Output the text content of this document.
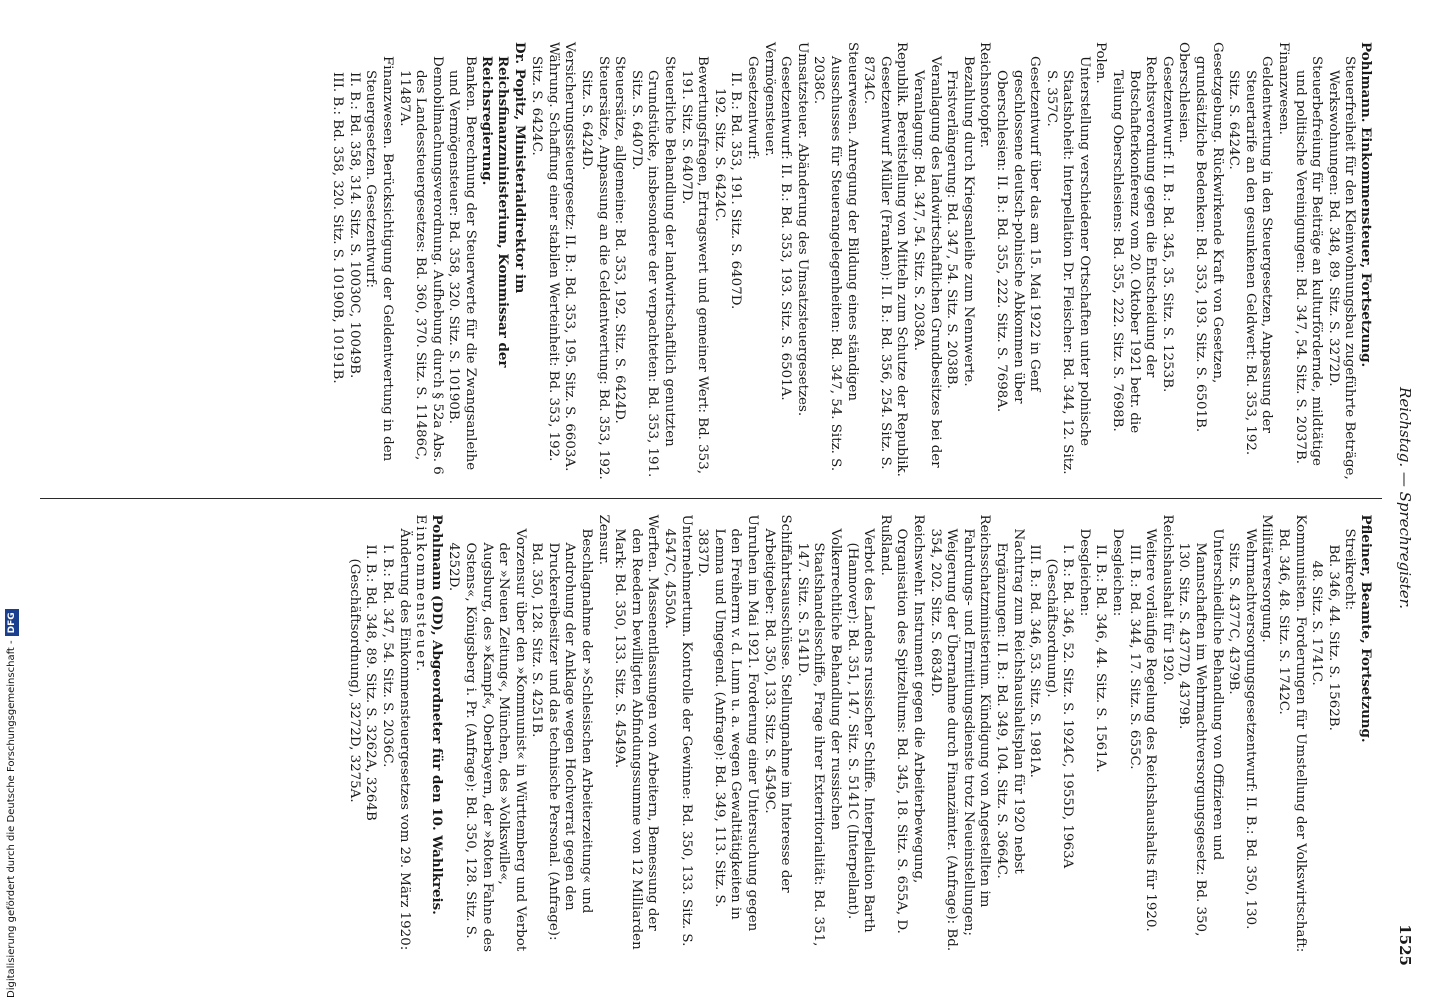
Reichstag. — Sprechregister.
1525
Pohlmann. Einkommensteuer, Fortsetzung.
Steuerfreiheit für den Kleinwohnungsbau zugeführte Beträge, Werkswohnungen: Bd. 348, 89. Sitz. S. 3272D.
Steuerbefreiung für Beiträge an kulturfördernde, mildtätige und politische Vereinigungen: Bd. 347, 54. Sitz. S. 2037B.
Finanzwesen.
Geldentwertung in den Steuergesetzen, Anpassung der Steuertarife an den gesunkenen Geldwert: Bd. 353, 192. Sitz. S. 6424C.
Gesetzgebung. Rückwirkende Kraft von Gesetzen, grundsätzliche Bedenken: Bd. 353, 193. Sitz. S. 6501B.
Oberschlesien.
Gesetzentwurf: II. B.: Bd. 345, 35. Sitz. S. 1253B.
Rechtsverordnung gegen die Entscheidung der Botschafterkonferenz vom 20. Oktober 1921 betr. die Teilung Oberschlesiens: Bd. 355, 222. Sitz. S. 7698B.
Polen.
Unterstellung verschiedener Ortschaften unter polnische Staatshoheit: Interpellation Dr. Fleischer: Bd. 344, 12. Sitz. S. 357C.
Gesetzentwurf über das am 15. Mai 1922 in Genf geschlossene deutsch-polnische Abkommen über Oberschlesien: II. B.: Bd. 355, 222. Sitz. S. 7698A.
Reichsnotopfer.
Bezahlung durch Kriegsanleihe zum Nennwerte. Fristverlängerung: Bd. 347, 54. Sitz. S. 2038B.
Veranlagung des landwirtschaftlichen Grundbesitzes bei der Veranlagung: Bd. 347, 54. Sitz. S. 2038A.
Republik. Bereitstellung von Mitteln zum Schutze der Republik. Gesetzentwurf Müller (Franken): II. B.: Bd. 356, 254. Sitz. S. 8734C.
Steuerwesen. Anregung der Bildung eines ständigen Ausschusses für Steuerangelegenheiten: Bd. 347, 54. Sitz. S. 2038C.
Umsatzsteuer. Abänderung des Umsatzsteuergesetzes. Gesetzentwurf: II. B.: Bd. 353, 193. Sitz. S. 6501A.
Vermögensteuer.
Gesetzentwurf:
II. B.: Bd. 353, 191. Sitz. S. 6407D.
192. Sitz. S. 6424C.
Bewertungsfragen, Ertragswert und gemeiner Wert: Bd. 353, 191. Sitz. S. 6407D.
Steuerliche Behandlung der landwirtschaftlich genutzten Grundstücke, insbesondere der verpachteten: Bd. 353, 191. Sitz. S. 6407D.
Steuersätze, allgemeine: Bd. 353, 192. Sitz. S. 6424D.
Steuersätze, Anpassung an die Geldentwertung: Bd. 353, 192. Sitz. S. 6424D.
Versicherungssteuergesetz: II. B.: Bd. 353, 195. Sitz. S. 6603A.
Währung. Schaffung einer stabilen Werteinheit: Bd. 353, 192. Sitz. S. 6424C.
Dr. Popitz, Ministerialdirektor im Reichsfinanzministerium, Kommissar der Reichsregierung.
Banken. Berechnung der Steuerwerte für die Zwangsanleihe und Vermögensteuer: Bd. 358, 320. Sitz. S. 10190B.
Demobilmachungsverordnung. Aufhebung durch § 52a Abs. 6 des Landessteuergesetzes: Bd. 360, 370. Sitz. S. 11486C, 11487A.
Finanzwesen. Berücksichtigung der Geldentwertung in den Steuergesetzen. Gesetzentwurf:
II. B.: Bd. 358, 314. Sitz. S. 10030C, 10049B.
III. B.: Bd. 358, 320. Sitz. S. 10190B, 10191B.
Pfleiner, Beamte, Fortsetzung.
Streikrecht:
Bd. 346, 44. Sitz. S. 1562B.
48. Sitz. S. 1741C.
Kommunisten. Forderungen für Umstellung der Volkswirtschaft: Bd. 346, 48. Sitz. S. 1742C.
Militärversorgung.
Wehrmachtversorgungsgesetzentwurf: II. B.: Bd. 350, 130. Sitz. S. 4377C, 4379B.
Unterschiedliche Behandlung von Offizieren und Mannschaften im Wehrmachtversorgungsgesetz: Bd. 350, 130. Sitz. S. 4377D, 4379B.
Reichshaushalt für 1920.
Weitere vorläufige Regelung des Reichshaushalts für 1920.
III. B.: Bd. 344, 17. Sitz. S. 655C.
Desgleichen:
II. B.: Bd. 346, 44. Sitz. S. 1561A.
Desgleichen:
I. B.: Bd. 346, 52. Sitz. S. 1924C, 1955D, 1963A (Geschäftsordnung).
III. B.: Bd. 346, 53. Sitz. S. 1981A.
Nachtrag zum Reichshaushaltsplan für 1920 nebst Ergänzungen: II. B.: Bd. 349, 104. Sitz. S. 3664C.
Reichsschatzministerium. Kündigung von Angestellten im Fahrdungs- und Ermittlungsdienste trotz Neueinstellungen; Weigerung der Übernahme durch Finanzämter. (Anfrage): Bd. 354, 202. Sitz. S. 6834D.
Reichswehr. Instrument gegen die Arbeiterbewegung, Organisation des Spitzeltums: Bd. 345, 18. Sitz. S. 655A, D.
Rußland.
Verbot des Landens russischer Schiffe. Interpellation Barth (Hannover): Bd. 351, 147. Sitz. S. 5141C (Interpellant).
Volkerrechtliche Behandlung der russischen Staatshandelsschiffe, Frage ihrer Exterritorialität: Bd. 351, 147. Sitz. S. 5141D.
Schiffahrtsausschüsse. Stellungnahme im Interesse der Arbeitgeber: Bd. 350, 133. Sitz. S. 4549C.
Unruhen im Mai 1921. Forderung einer Untersuchung gegen den Freiherrn v. d. Lunn u. a. wegen Gewalttätigkeiten in Lemna und Umgegend. (Anfrage): Bd. 349, 113. Sitz. S. 3837D.
Unternehmertum. Kontrolle der Gewinne: Bd. 350, 133. Sitz. S. 4547C, 4550A.
Werften. Massenentlassungen von Arbeitern, Bemessung der den Reedern bewilligten Abfindungssumme von 12 Milliarden Mark: Bd. 350, 133. Sitz. S. 4549A.
Zensur.
Beschlagnahme der »Schlesischen Arbeiterzeitung« und Androhung der Anklage wegen Hochverrat gegen den Druckereibesitzer und das technische Personal. (Anfrage): Bd. 350, 128. Sitz. S. 4251B.
Vorzensur über den »Kommunist« in Württemberg und Verbot der »Neuen Zeitung«, München, des »Volkswille«, Augsburg, des »Kampf«, Oberbayern, der »Roten Fahne des Ostens«, Königsberg i. Pr. (Anfrage): Bd. 350, 128. Sitz. S. 4252D.
Pohlmann (DD), Abgeordneter für den 10. Wahlkreis.
Einkommensteuer.
Änderung des Einkommensteuergesetzes vom 29. März 1920:
I. B.: Bd. 347, 54. Sitz. S. 2036C.
II. B.: Bd. 348, 89. Sitz. S. 3262A, 3264B (Geschäftsordnung), 3272D, 3275A.
Digitalisierung gefördert durch die Deutsche Forschungsgemeinschaft -DFG
